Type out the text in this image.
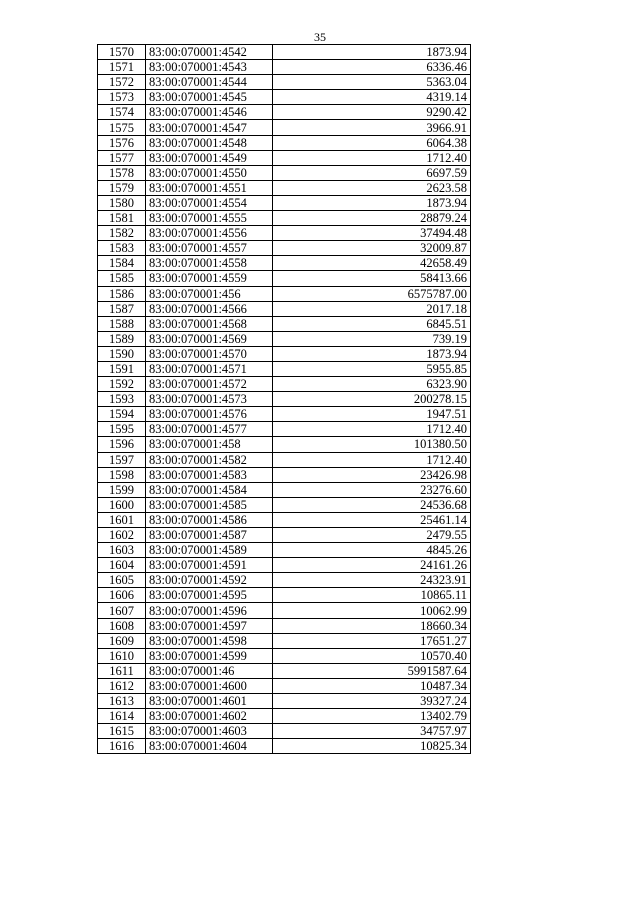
35
1570	83:00:070001:4542	1873.94
1571	83:00:070001:4543	6336.46
1572	83:00:070001:4544	5363.04
1573	83:00:070001:4545	4319.14
1574	83:00:070001:4546	9290.42
1575	83:00:070001:4547	3966.91
1576	83:00:070001:4548	6064.38
1577	83:00:070001:4549	1712.40
1578	83:00:070001:4550	6697.59
1579	83:00:070001:4551	2623.58
1580	83:00:070001:4554	1873.94
1581	83:00:070001:4555	28879.24
1582	83:00:070001:4556	37494.48
1583	83:00:070001:4557	32009.87
1584	83:00:070001:4558	42658.49
1585	83:00:070001:4559	58413.66
1586	83:00:070001:456	6575787.00
1587	83:00:070001:4566	2017.18
1588	83:00:070001:4568	6845.51
1589	83:00:070001:4569	739.19
1590	83:00:070001:4570	1873.94
1591	83:00:070001:4571	5955.85
1592	83:00:070001:4572	6323.90
1593	83:00:070001:4573	200278.15
1594	83:00:070001:4576	1947.51
1595	83:00:070001:4577	1712.40
1596	83:00:070001:458	101380.50
1597	83:00:070001:4582	1712.40
1598	83:00:070001:4583	23426.98
1599	83:00:070001:4584	23276.60
1600	83:00:070001:4585	24536.68
1601	83:00:070001:4586	25461.14
1602	83:00:070001:4587	2479.55
1603	83:00:070001:4589	4845.26
1604	83:00:070001:4591	24161.26
1605	83:00:070001:4592	24323.91
1606	83:00:070001:4595	10865.11
1607	83:00:070001:4596	10062.99
1608	83:00:070001:4597	18660.34
1609	83:00:070001:4598	17651.27
1610	83:00:070001:4599	10570.40
1611	83:00:070001:46	5991587.64
1612	83:00:070001:4600	10487.34
1613	83:00:070001:4601	39327.24
1614	83:00:070001:4602	13402.79
1615	83:00:070001:4603	34757.97
1616	83:00:070001:4604	10825.34
